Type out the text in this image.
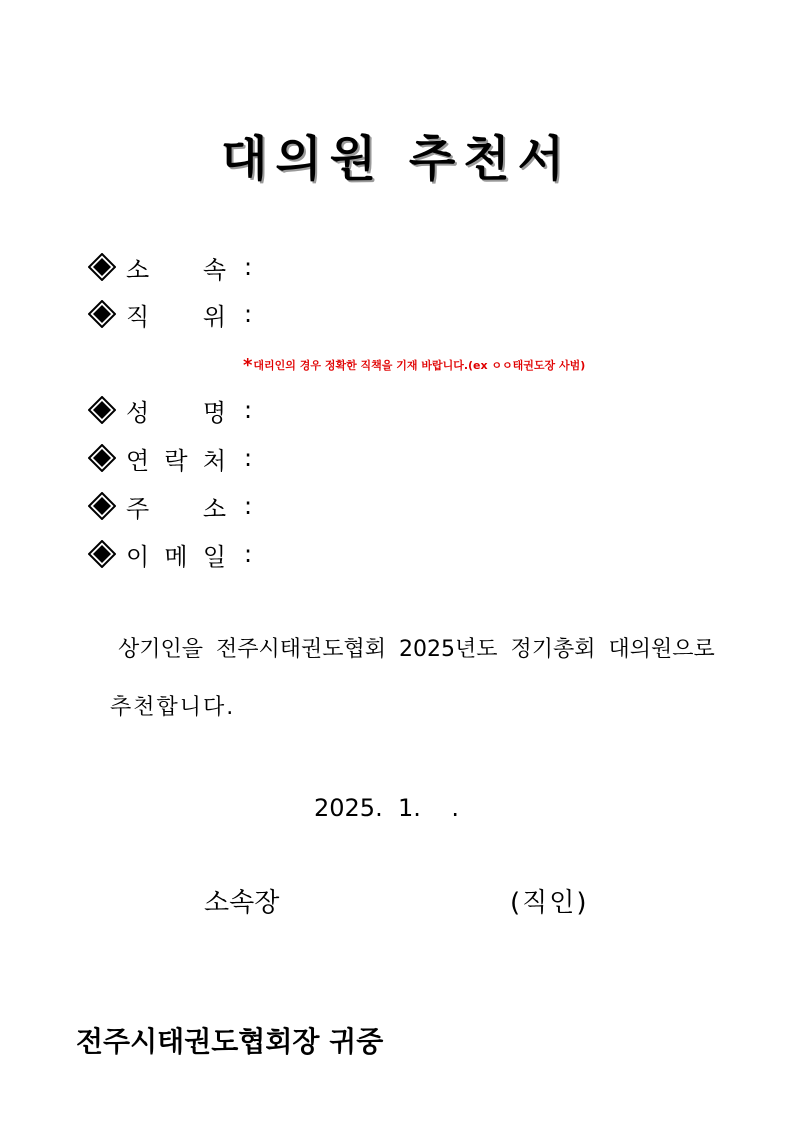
대의원 추천서
소 속 :
직 위 :
*대리인의 경우 정확한 직책을 기재 바랍니다.(ex ㅇㅇ태권도장 사범)
성 명 :
연 락 처 :
주 소 :
이 메 일 :
상기인을 전주시태권도협회 2025년도 정기총회 대의원으로
추천합니다.
2025.  1.    .
소속장	(직인)
전주시태권도협회장 귀중
